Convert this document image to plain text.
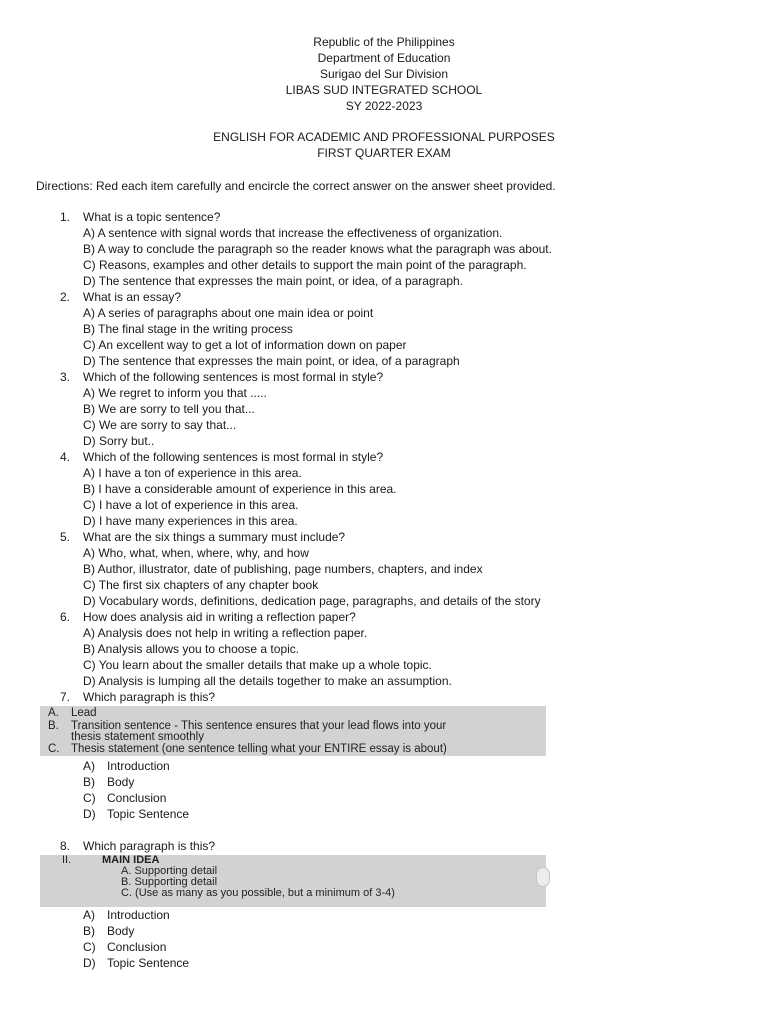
Republic of the Philippines
Department of Education
Surigao del Sur Division
LIBAS SUD INTEGRATED SCHOOL
SY 2022-2023
ENGLISH FOR ACADEMIC AND PROFESSIONAL PURPOSES
FIRST QUARTER EXAM
Directions: Red each item carefully and encircle the correct answer on the answer sheet provided.
1. What is a topic sentence?
A) A sentence with signal words that increase the effectiveness of organization.
B) A way to conclude the paragraph so the reader knows what the paragraph was about.
C) Reasons, examples and other details to support the main point of the paragraph.
D) The sentence that expresses the main point, or idea, of a paragraph.
2. What is an essay?
A) A series of paragraphs about one main idea or point
B) The final stage in the writing process
C) An excellent way to get a lot of information down on paper
D) The sentence that expresses the main point, or idea, of a paragraph
3. Which of the following sentences is most formal in style?
A) We regret to inform you that .....
B) We are sorry to tell you that...
C) We are sorry to say that...
D) Sorry but..
4. Which of the following sentences is most formal in style?
A) I have a ton of experience in this area.
B) I have a considerable amount of experience in this area.
C) I have a lot of experience in this area.
D) I have many experiences in this area.
5. What are the six things a summary must include?
A) Who, what, when, where, why, and how
B) Author, illustrator, date of publishing, page numbers, chapters, and index
C) The first six chapters of any chapter book
D) Vocabulary words, definitions, dedication page, paragraphs, and details of the story
6. How does analysis aid in writing a reflection paper?
A) Analysis does not help in writing a reflection paper.
B) Analysis allows you to choose a topic.
C) You learn about the smaller details that make up a whole topic.
D) Analysis is lumping all the details together to make an assumption.
7. Which paragraph is this?
A. Lead
B. Transition sentence - This sentence ensures that your lead flows into your
thesis statement smoothly
C. Thesis statement (one sentence telling what your ENTIRE essay is about)
A) Introduction
B) Body
C) Conclusion
D) Topic Sentence
8. Which paragraph is this?
II.	MAIN IDEA
A. Supporting detail
B. Supporting detail
C. (Use as many as you possible, but a minimum of 3-4)
A) Introduction
B) Body
C) Conclusion
D) Topic Sentence
